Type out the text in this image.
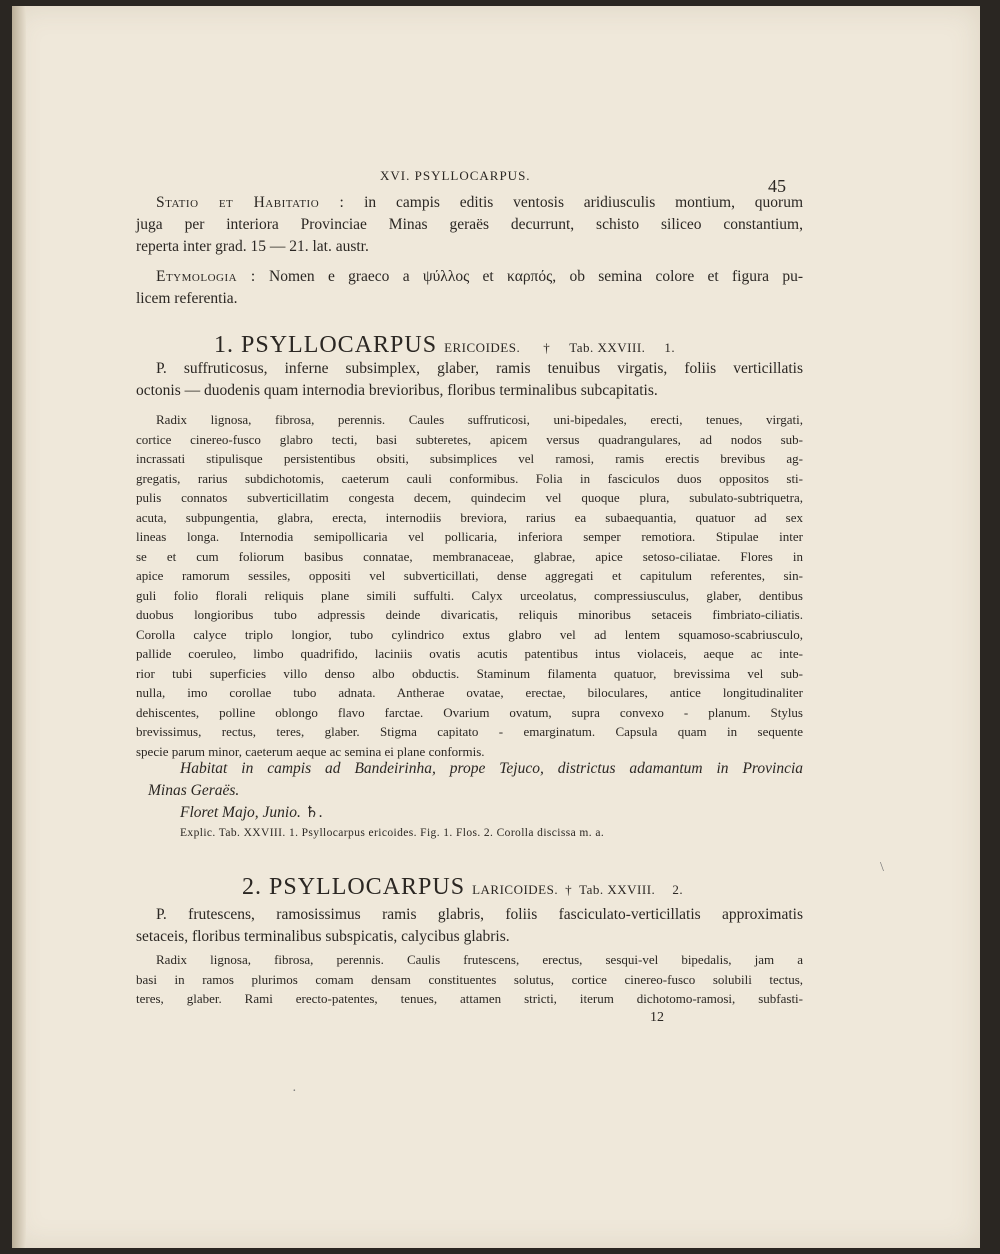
XVI. PSYLLOCARPUS.
45
Statio et Habitatio : in campis editis ventosis aridiusculis montium, quorum
juga per interiora Provinciae Minas geraës decurrunt, schisto siliceo constantium,
reperta inter grad. 15 — 21. lat. austr.
Etymologia : Nomen e graeco a ψύλλος et καρπός, ob semina colore et figura pu-
licem referentia.
1. PSYLLOCARPUS ERICOIDES. † Tab. XXVIII. 1.
P. suffruticosus, inferne subsimplex, glaber, ramis tenuibus virgatis, foliis verticillatis
octonis — duodenis quam internodia brevioribus, floribus terminalibus subcapitatis.
Radix lignosa, fibrosa, perennis. Caules suffruticosi, uni-bipedales, erecti, tenues, virgati,
cortice cinereo-fusco glabro tecti, basi subteretes, apicem versus quadrangulares, ad nodos sub-
incrassati stipulisque persistentibus obsiti, subsimplices vel ramosi, ramis erectis brevibus ag-
gregatis, rarius subdichotomis, caeterum cauli conformibus. Folia in fasciculos duos oppositos sti-
pulis connatos subverticillatim congesta decem, quindecim vel quoque plura, subulato-subtriquetra,
acuta, subpungentia, glabra, erecta, internodiis breviora, rarius ea subaequantia, quatuor ad sex
lineas longa. Internodia semipollicaria vel pollicaria, inferiora semper remotiora. Stipulae inter
se et cum foliorum basibus connatae, membranaceae, glabrae, apice setoso-ciliatae. Flores in
apice ramorum sessiles, oppositi vel subverticillati, dense aggregati et capitulum referentes, sin-
guli folio florali reliquis plane simili suffulti. Calyx urceolatus, compressiusculus, glaber, dentibus
duobus longioribus tubo adpressis deinde divaricatis, reliquis minoribus setaceis fimbriato-ciliatis.
Corolla calyce triplo longior, tubo cylindrico extus glabro vel ad lentem squamoso-scabriusculo,
pallide coeruleo, limbo quadrifido, laciniis ovatis acutis patentibus intus violaceis, aeque ac inte-
rior tubi superficies villo denso albo obductis. Staminum filamenta quatuor, brevissima vel sub-
nulla, imo corollae tubo adnata. Antherae ovatae, erectae, biloculares, antice longitudinaliter
dehiscentes, polline oblongo flavo farctae. Ovarium ovatum, supra convexo - planum. Stylus
brevissimus, rectus, teres, glaber. Stigma capitato - emarginatum. Capsula quam in sequente
specie parum minor, caeterum aeque ac semina ei plane conformis.
Habitat in campis ad Bandeirinha, prope Tejuco, districtus adamantum in Provincia
Minas Geraës.
Floret Majo, Junio. ♄.
Explic. Tab. XXVIII. 1. Psyllocarpus ericoides. Fig. 1. Flos. 2. Corolla discissa m. a.
2. PSYLLOCARPUS LARICOIDES. † Tab. XXVIII. 2.
P. frutescens, ramosissimus ramis glabris, foliis fasciculato-verticillatis approximatis
setaceis, floribus terminalibus subspicatis, calycibus glabris.
Radix lignosa, fibrosa, perennis. Caulis frutescens, erectus, sesqui-vel bipedalis, jam a
basi in ramos plurimos comam densam constituentes solutus, cortice cinereo-fusco solubili tectus,
teres, glaber. Rami erecto-patentes, tenues, attamen stricti, iterum dichotomo-ramosi, subfasti-
12
\
·
